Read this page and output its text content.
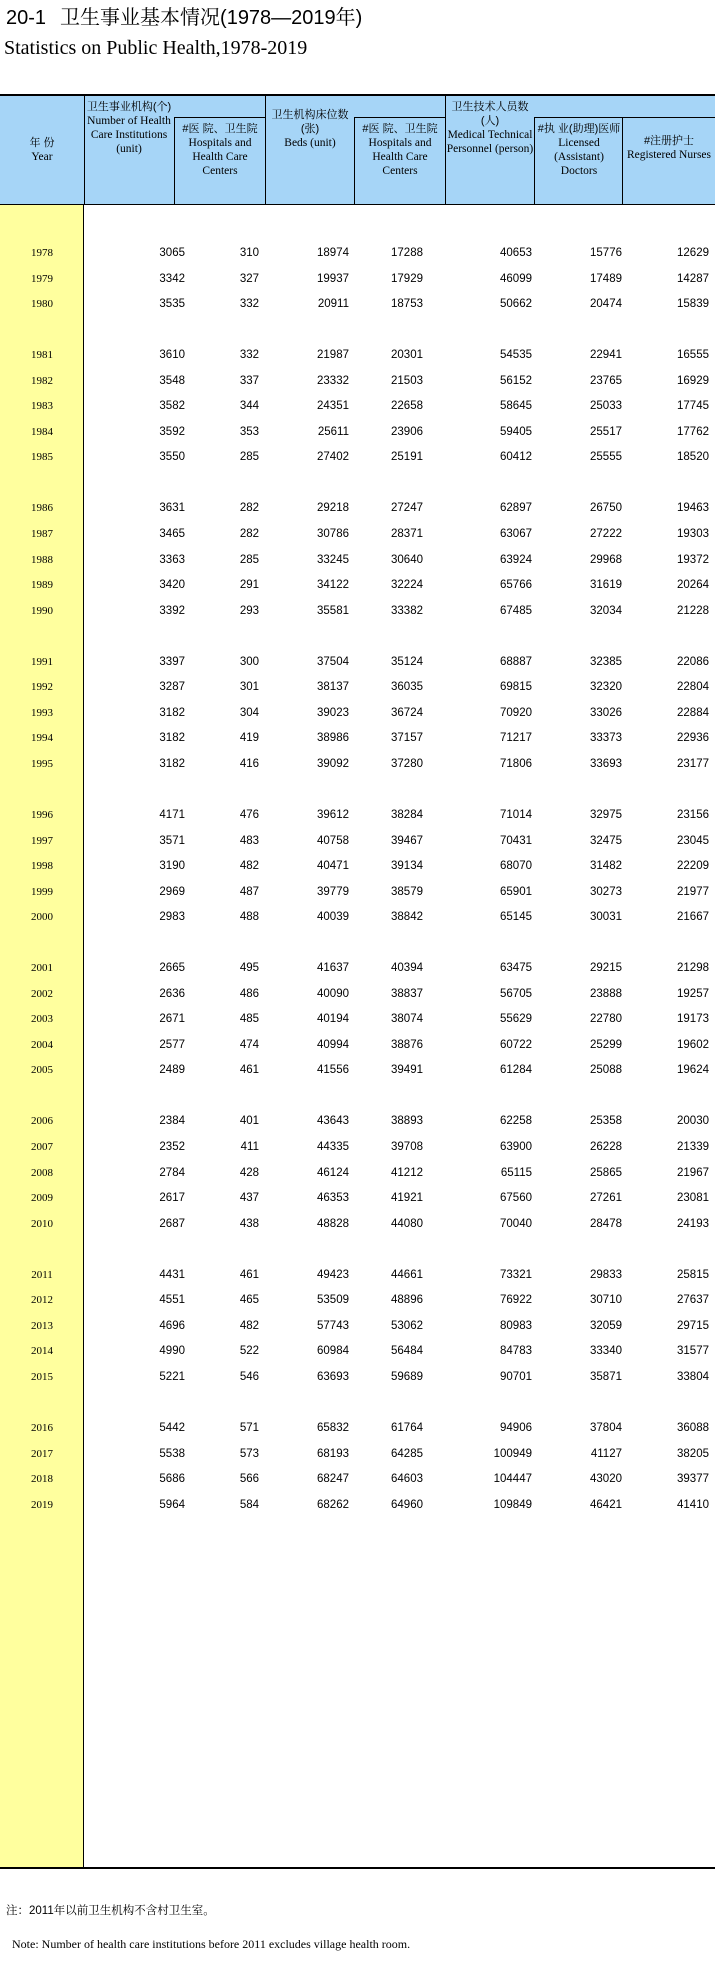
20-1 卫生事业基本情况(1978—2019年)
Statistics on Public Health,1978-2019
年 份
Year
卫生事业机构(个)
Number of Health Care Institutions (unit)
#医 院、卫生院
Hospitals and Health Care Centers
卫生机构床位数(张)
Beds (unit)
#医 院、卫生院
Hospitals and Health Care Centers
卫生技术人员数(人)
Medical Technical Personnel (person)
#执 业(助理)医师
Licensed (Assistant) Doctors
#注册护士
Registered Nurses
1978	3065	310	18974	17288	40653	15776	12629
1979	3342	327	19937	17929	46099	17489	14287
1980	3535	332	20911	18753	50662	20474	15839
1981	3610	332	21987	20301	54535	22941	16555
1982	3548	337	23332	21503	56152	23765	16929
1983	3582	344	24351	22658	58645	25033	17745
1984	3592	353	25611	23906	59405	25517	17762
1985	3550	285	27402	25191	60412	25555	18520
1986	3631	282	29218	27247	62897	26750	19463
1987	3465	282	30786	28371	63067	27222	19303
1988	3363	285	33245	30640	63924	29968	19372
1989	3420	291	34122	32224	65766	31619	20264
1990	3392	293	35581	33382	67485	32034	21228
1991	3397	300	37504	35124	68887	32385	22086
1992	3287	301	38137	36035	69815	32320	22804
1993	3182	304	39023	36724	70920	33026	22884
1994	3182	419	38986	37157	71217	33373	22936
1995	3182	416	39092	37280	71806	33693	23177
1996	4171	476	39612	38284	71014	32975	23156
1997	3571	483	40758	39467	70431	32475	23045
1998	3190	482	40471	39134	68070	31482	22209
1999	2969	487	39779	38579	65901	30273	21977
2000	2983	488	40039	38842	65145	30031	21667
2001	2665	495	41637	40394	63475	29215	21298
2002	2636	486	40090	38837	56705	23888	19257
2003	2671	485	40194	38074	55629	22780	19173
2004	2577	474	40994	38876	60722	25299	19602
2005	2489	461	41556	39491	61284	25088	19624
2006	2384	401	43643	38893	62258	25358	20030
2007	2352	411	44335	39708	63900	26228	21339
2008	2784	428	46124	41212	65115	25865	21967
2009	2617	437	46353	41921	67560	27261	23081
2010	2687	438	48828	44080	70040	28478	24193
2011	4431	461	49423	44661	73321	29833	25815
2012	4551	465	53509	48896	76922	30710	27637
2013	4696	482	57743	53062	80983	32059	29715
2014	4990	522	60984	56484	84783	33340	31577
2015	5221	546	63693	59689	90701	35871	33804
2016	5442	571	65832	61764	94906	37804	36088
2017	5538	573	68193	64285	100949	41127	38205
2018	5686	566	68247	64603	104447	43020	39377
2019	5964	584	68262	64960	109849	46421	41410
注：2011年以前卫生机构不含村卫生室。
Note: Number of health care institutions before 2011 excludes village health room.
